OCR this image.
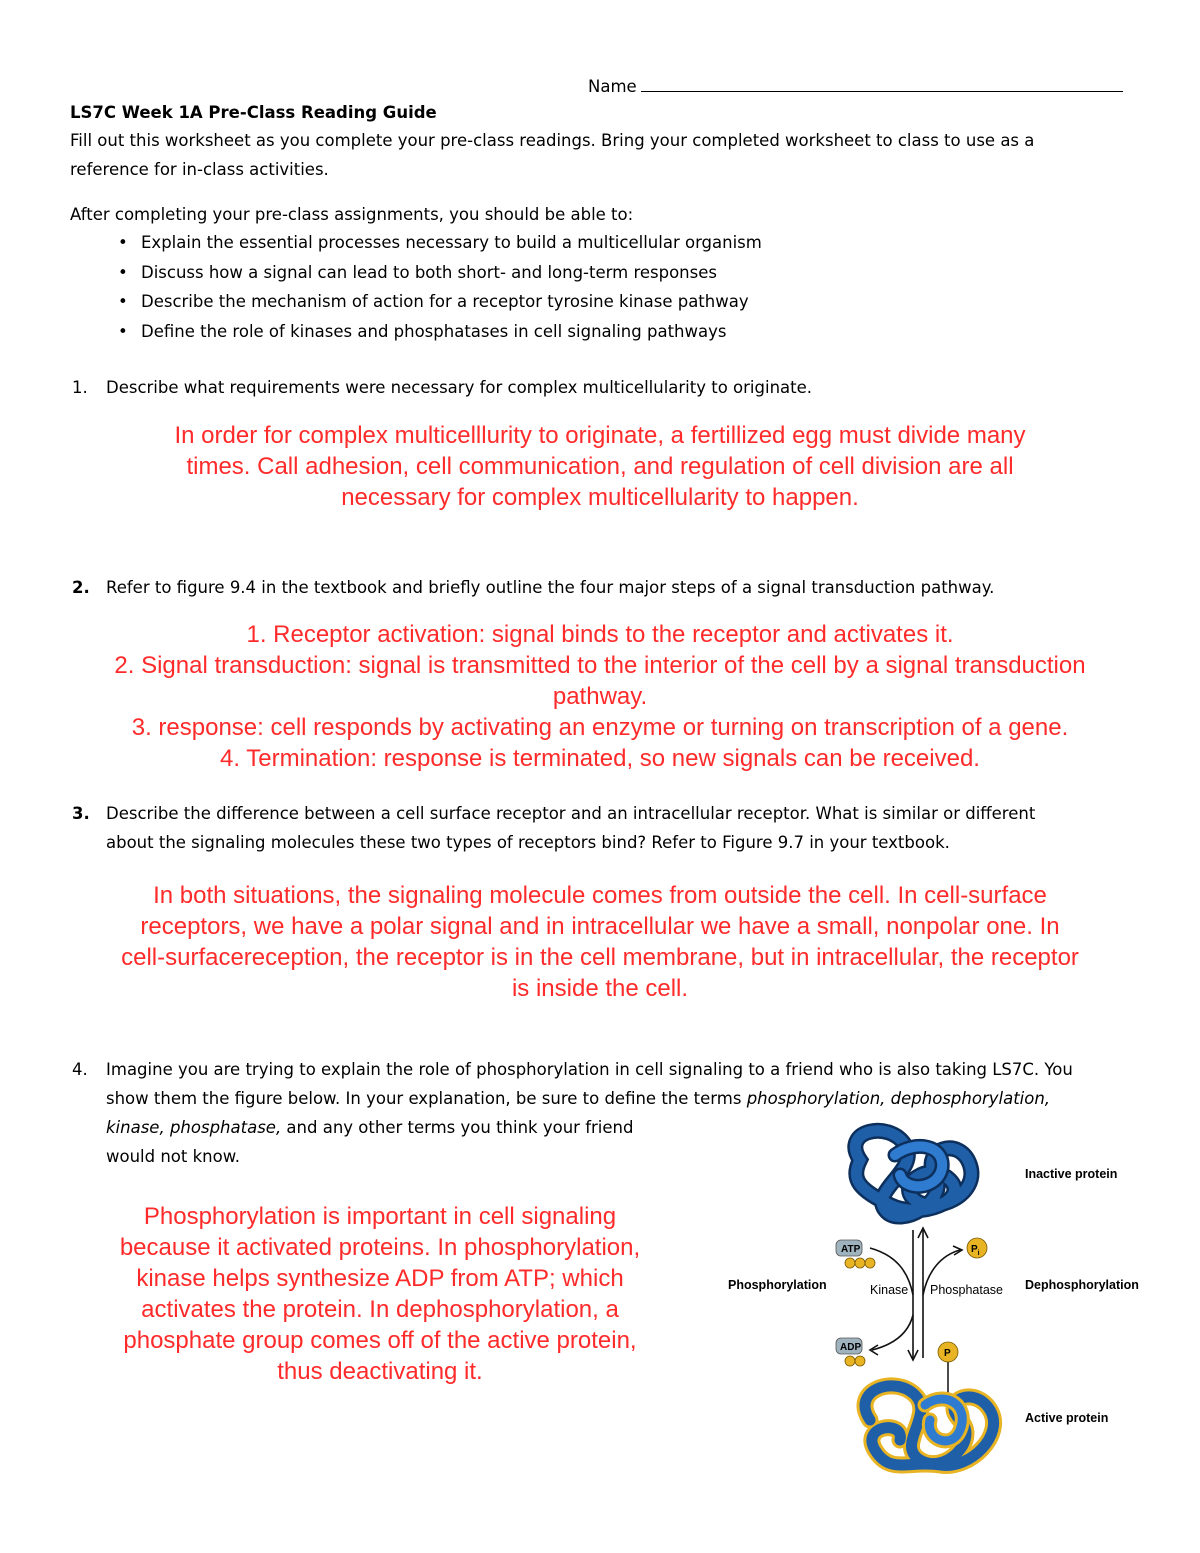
Name
LS7C Week 1A Pre-Class Reading Guide
Fill out this worksheet as you complete your pre-class readings. Bring your completed worksheet to class to use as a
reference for in-class activities.
After completing your pre-class assignments, you should be able to:
• Explain the essential processes necessary to build a multicellular organism
• Discuss how a signal can lead to both short- and long-term responses
• Describe the mechanism of action for a receptor tyrosine kinase pathway
• Define the role of kinases and phosphatases in cell signaling pathways
1. Describe what requirements were necessary for complex multicellularity to originate.
In order for complex multicelllurity to originate, a fertillized egg must divide many
times. Call adhesion, cell communication, and regulation of cell division are all
necessary for complex multicellularity to happen.
2. Refer to figure 9.4 in the textbook and briefly outline the four major steps of a signal transduction pathway.
1. Receptor activation: signal binds to the receptor and activates it.
2. Signal transduction: signal is transmitted to the interior of the cell by a signal transduction
pathway.
3. response: cell responds by activating an enzyme or turning on transcription of a gene.
4. Termination: response is terminated, so new signals can be received.
3. Describe the difference between a cell surface receptor and an intracellular receptor. What is similar or different
about the signaling molecules these two types of receptors bind? Refer to Figure 9.7 in your textbook.
In both situations, the signaling molecule comes from outside the cell. In cell-surface
receptors, we have a polar signal and in intracellular we have a small, nonpolar one. In
cell-surfacereception, the receptor is in the cell membrane, but in intracellular, the receptor
is inside the cell.
4. Imagine you are trying to explain the role of phosphorylation in cell signaling to a friend who is also taking LS7C. You
show them the figure below. In your explanation, be sure to define the terms phosphorylation, dephosphorylation,
kinase, phosphatase, and any other terms you think your friend
would not know.
Phosphorylation is important in cell signaling
because it activated proteins. In phosphorylation,
kinase helps synthesize ADP from ATP; which
activates the protein. In dephosphorylation, a
phosphate group comes off of the active protein,
thus deactivating it.
ATP
ADP
$P_i$
P
Inactive protein
Phosphorylation	Kinase Phosphatase Dephosphorylation
Active protein
